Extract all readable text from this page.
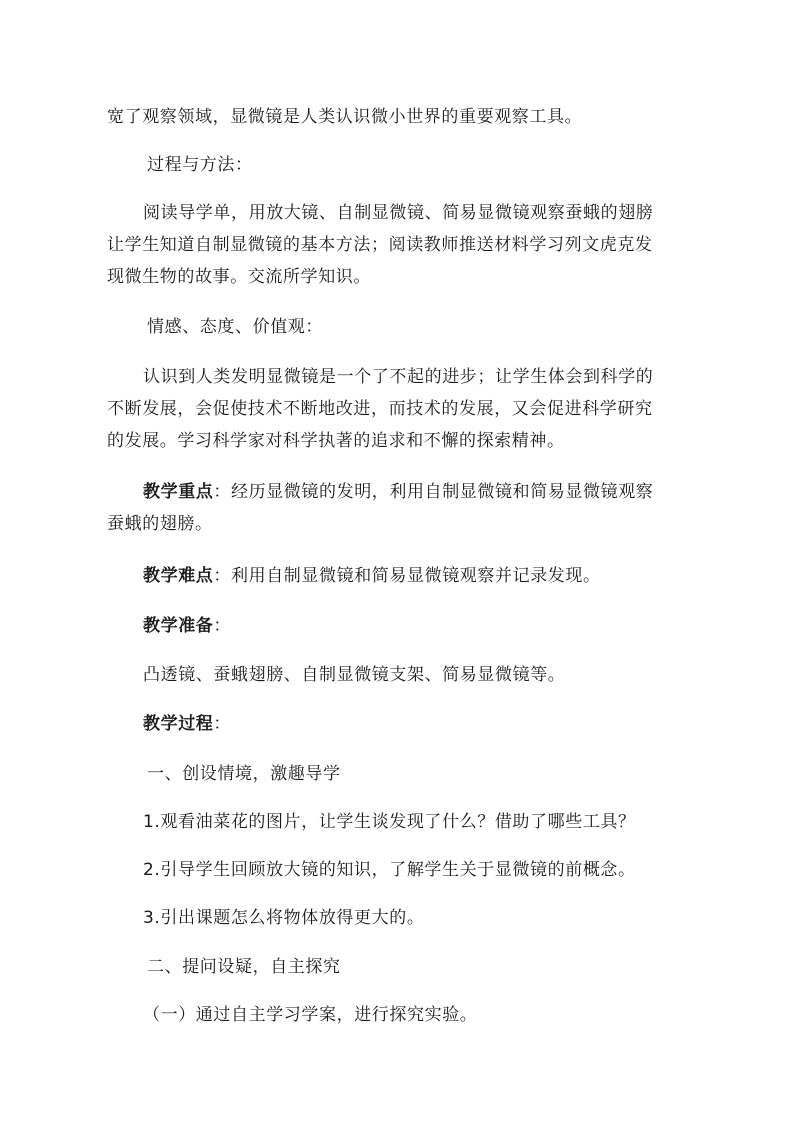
宽了观察领域，显微镜是人类认识微小世界的重要观察工具。

过程与方法：

阅读导学单，用放大镜、自制显微镜、简易显微镜观察蚕蛾的翅膀

让学生知道自制显微镜的基本方法；阅读教师推送材料学习列文虎克发

现微生物的故事。交流所学知识。

情感、态度、价值观：

认识到人类发明显微镜是一个了不起的进步；让学生体会到科学的

不断发展，会促使技术不断地改进，而技术的发展，又会促进科学研究

的发展。学习科学家对科学执著的追求和不懈的探索精神。

教学重点：经历显微镜的发明，利用自制显微镜和简易显微镜观察

蚕蛾的翅膀。

教学难点：利用自制显微镜和简易显微镜观察并记录发现。

教学准备：

凸透镜、蚕蛾翅膀、自制显微镜支架、简易显微镜等。

教学过程：

一、创设情境，激趣导学

1.观看油菜花的图片，让学生谈发现了什么？借助了哪些工具？

2.引导学生回顾放大镜的知识，了解学生关于显微镜的前概念。

3.引出课题怎么将物体放得更大的。

二、提问设疑，自主探究

（一）通过自主学习学案，进行探究实验。
